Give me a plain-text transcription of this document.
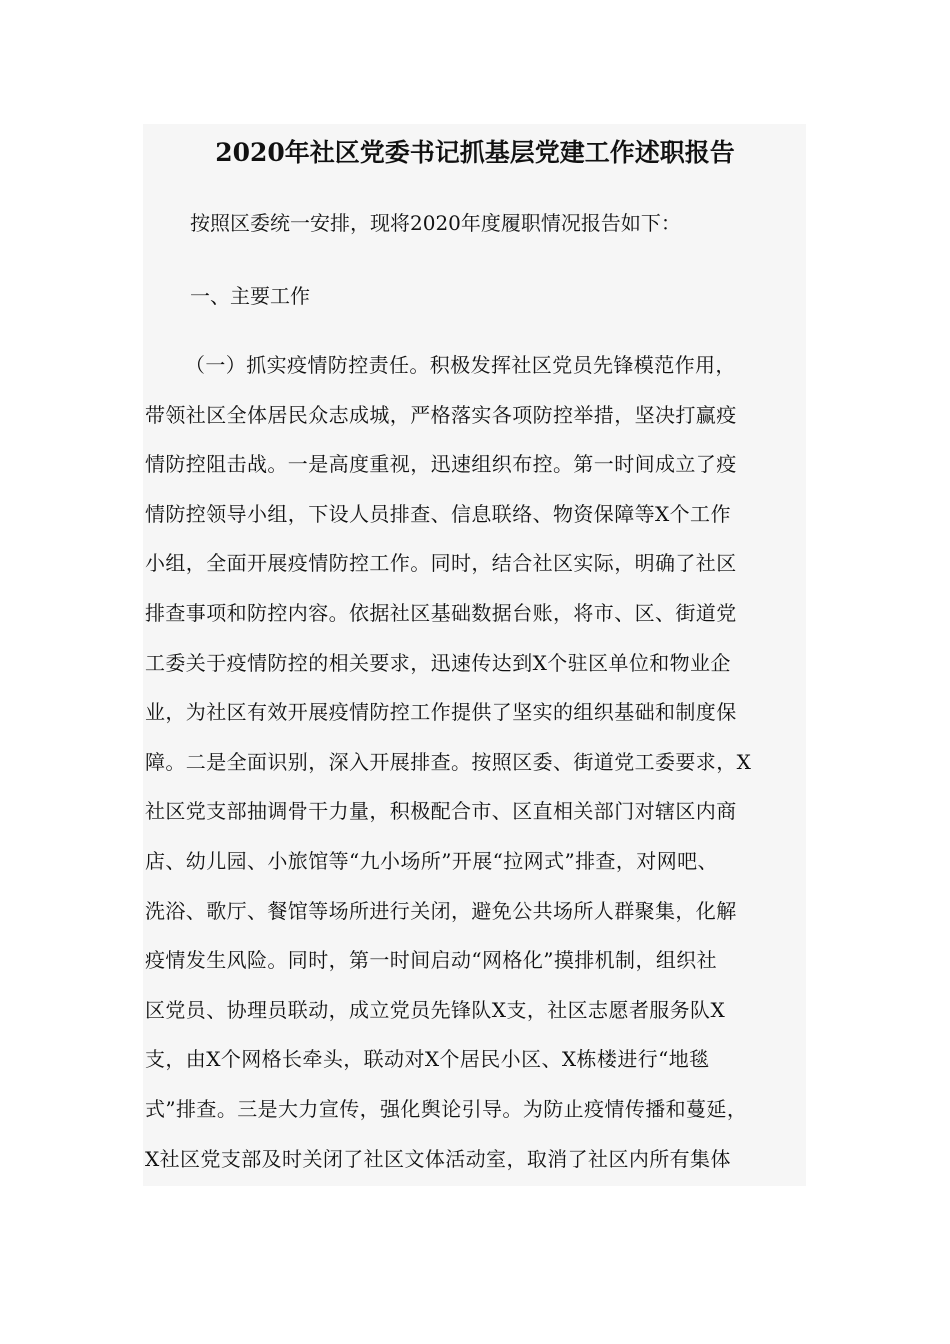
2020年社区党委书记抓基层党建工作述职报告

按照区委统一安排，现将2020年度履职情况报告如下：

一、主要工作

（一）抓实疫情防控责任。积极发挥社区党员先锋模范作用，
带领社区全体居民众志成城，严格落实各项防控举措，坚决打赢疫
情防控阻击战。一是高度重视，迅速组织布控。第一时间成立了疫
情防控领导小组，下设人员排查、信息联络、物资保障等X个工作
小组，全面开展疫情防控工作。同时，结合社区实际，明确了社区
排查事项和防控内容。依据社区基础数据台账，将市、区、街道党
工委关于疫情防控的相关要求，迅速传达到X个驻区单位和物业企
业，为社区有效开展疫情防控工作提供了坚实的组织基础和制度保
障。二是全面识别，深入开展排查。按照区委、街道党工委要求，X
社区党支部抽调骨干力量，积极配合市、区直相关部门对辖区内商
店、幼儿园、小旅馆等“九小场所”开展“拉网式”排查，对网吧、
洗浴、歌厅、餐馆等场所进行关闭，避免公共场所人群聚集，化解
疫情发生风险。同时，第一时间启动“网格化”摸排机制，组织社
区党员、协理员联动，成立党员先锋队X支，社区志愿者服务队X
支，由X个网格长牵头，联动对X个居民小区、X栋楼进行“地毯
式”排查。三是大力宣传，强化舆论引导。为防止疫情传播和蔓延，
X社区党支部及时关闭了社区文体活动室，取消了社区内所有集体
